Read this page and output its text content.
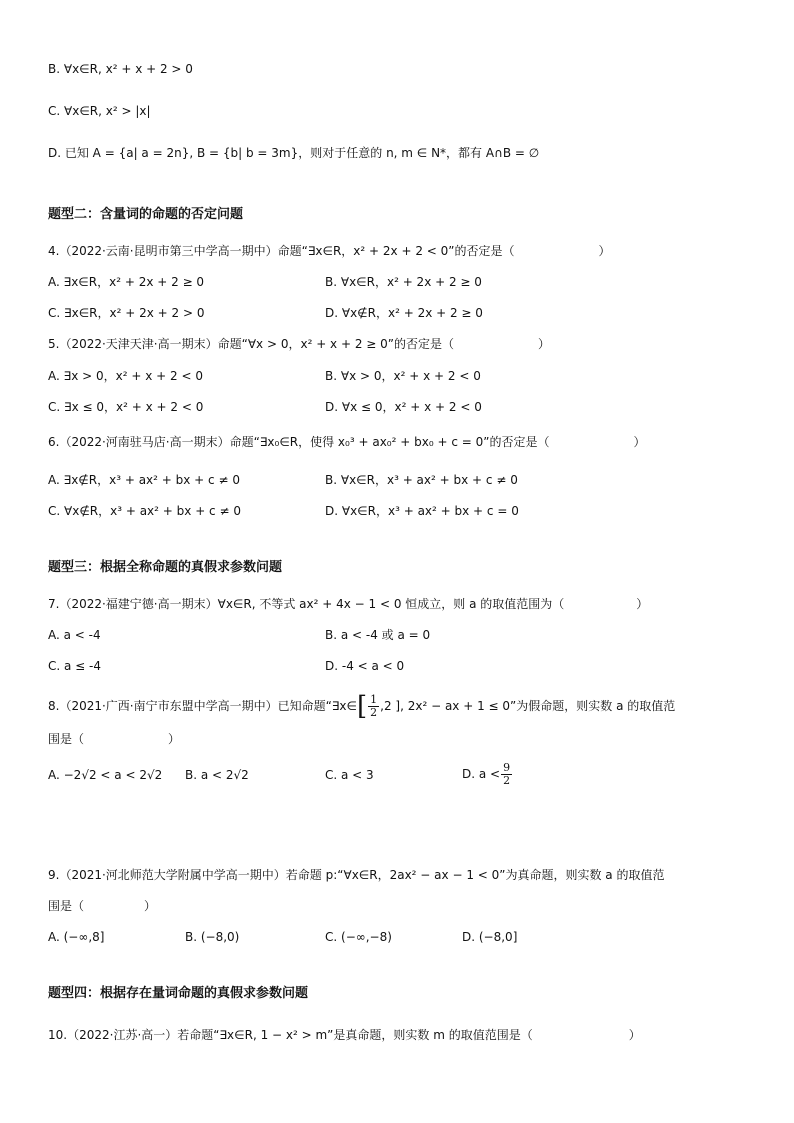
B. ∀x∈R, x² + x + 2 > 0
C. ∀x∈R, x² > |x|
D. 已知 A = {a| a = 2n}, B = {b| b = 3m}，则对于任意的 n, m ∈ N*，都有 A∩B = ∅
题型二：含量词的命题的否定问题
4.（2022·云南·昆明市第三中学高一期中）命题“∃x∈R，x² + 2x + 2 < 0”的否定是（　　　　　　　）
A. ∃x∈R，x² + 2x + 2 ≥ 0	B. ∀x∈R，x² + 2x + 2 ≥ 0
C. ∃x∈R，x² + 2x + 2 > 0	D. ∀x∉R，x² + 2x + 2 ≥ 0
5.（2022·天津天津·高一期末）命题“∀x > 0，x² + x + 2 ≥ 0”的否定是（　　　　　　　）
A. ∃x > 0，x² + x + 2 < 0	B. ∀x > 0，x² + x + 2 < 0
C. ∃x ≤ 0，x² + x + 2 < 0	D. ∀x ≤ 0，x² + x + 2 < 0
6.（2022·河南驻马店·高一期末）命题“∃x₀∈R，使得 x₀³ + ax₀² + bx₀ + c = 0”的否定是（　　　　　　　）
A. ∃x∉R，x³ + ax² + bx + c ≠ 0	B. ∀x∈R，x³ + ax² + bx + c ≠ 0
C. ∀x∉R，x³ + ax² + bx + c ≠ 0	D. ∀x∈R，x³ + ax² + bx + c = 0
题型三：根据全称命题的真假求参数问题
7.（2022·福建宁德·高一期末）∀x∈R, 不等式 ax² + 4x − 1 < 0 恒成立，则 a 的取值范围为（　　　　　　）
A. a < -4	B. a < -4 或 a = 0
C. a ≤ -4	D. -4 < a < 0
8.（2021·广西·南宁市东盟中学高一期中）已知命题“∃x∈[ $\frac{1}{2} ,2$ ], 2x² − ax + 1 ≤ 0”为假命题，则实数 a 的取值范
围是（　　　　　　　）
A. −2√2 < a < 2√2 B. a < 2√2	C. a < 3	D. $a < \frac{9}{2}$
9.（2021·河北师范大学附属中学高一期中）若命题 p:“∀x∈R，2ax² − ax − 1 < 0”为真命题，则实数 a 的取值范
围是（　　　　　）
A. (−∞,8]	B. (−8,0)	C. (−∞,−8)	D. (−8,0]
题型四：根据存在量词命题的真假求参数问题
10.（2022·江苏·高一）若命题“∃x∈R, 1 − x² > m”是真命题，则实数 m 的取值范围是（　　　　　　　　）
